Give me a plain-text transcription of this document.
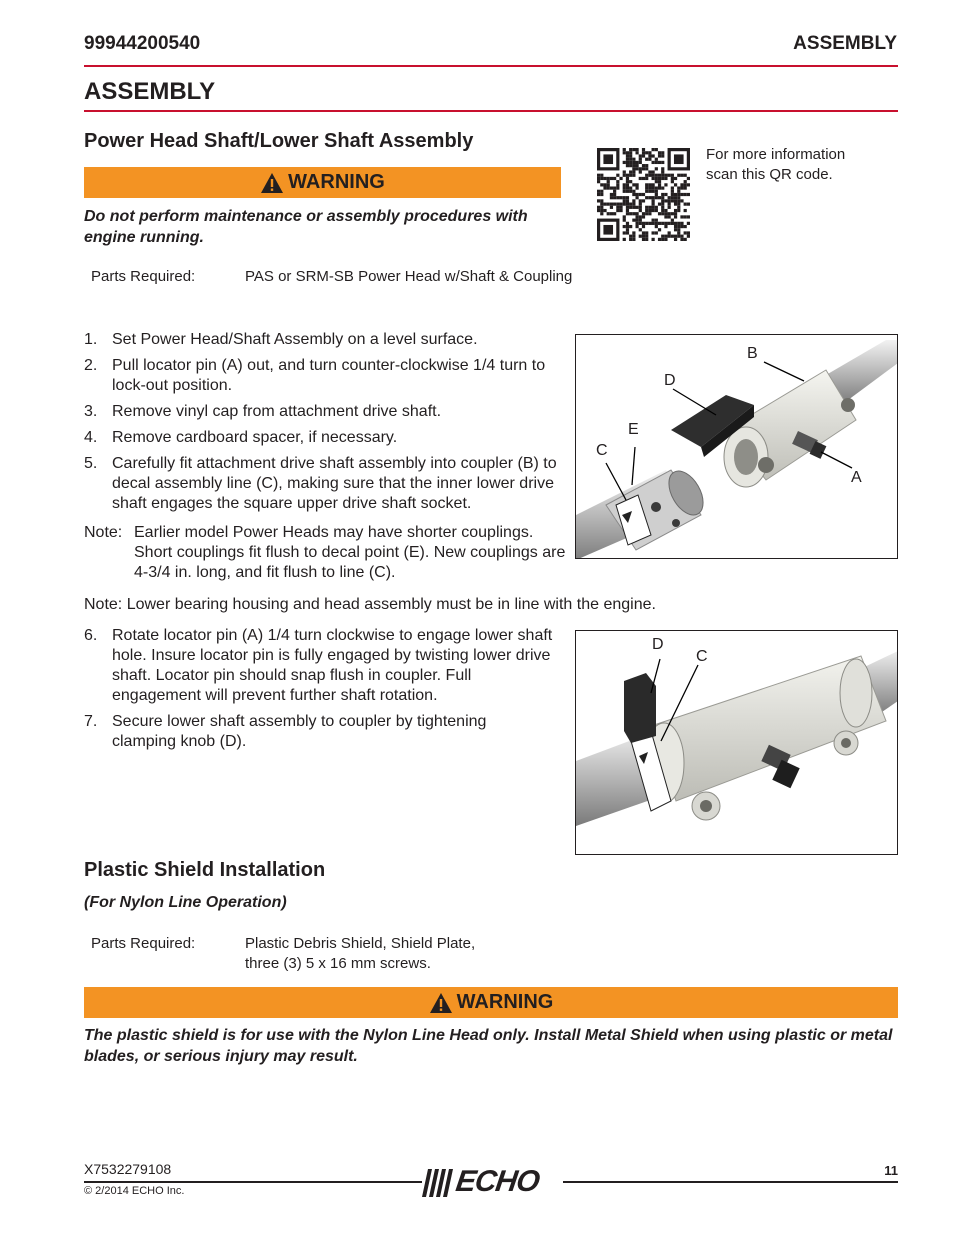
99944200540	ASSEMBLY
ASSEMBLY
Power Head Shaft/Lower Shaft Assembly
WARNING
Do not perform maintenance or assembly procedures with engine running.
For more information
scan this QR code.
Parts Required:	PAS or SRM-SB Power Head w/Shaft & Coupling
1. Set Power Head/Shaft Assembly on a level surface.
2. Pull locator pin (A) out, and turn counter-clockwise 1/4 turn to lock-out position.
3. Remove vinyl cap from attachment drive shaft.
4. Remove cardboard spacer, if necessary.
5. Carefully fit attachment drive shaft assembly into coupler (B) to decal assembly line (C), making sure that the inner lower drive shaft engages the square upper drive shaft socket.
Note: Earlier model Power Heads may have shorter couplings. Short couplings fit flush to decal point (E). New couplings are 4-3/4 in. long, and fit flush to line (C).
Note: Lower bearing housing and head assembly must be in line with the engine.
6. Rotate locator pin (A) 1/4 turn clockwise to engage lower shaft hole. Insure locator pin is fully engaged by twisting lower drive shaft. Locator pin should snap flush in coupler. Full engagement will prevent further shaft rotation.
7. Secure lower shaft assembly to coupler by tightening clamping knob (D).
B
D
E
C
A
D
C
Plastic Shield Installation
(For Nylon Line Operation)
Parts Required:	Plastic Debris Shield, Shield Plate,
three (3) 5 x 16 mm screws.
WARNING
The plastic shield is for use with the Nylon Line Head only. Install Metal Shield when using plastic or metal blades, or serious injury may result.
X7532279108
© 2/2014 ECHO Inc.
11
ECHO
